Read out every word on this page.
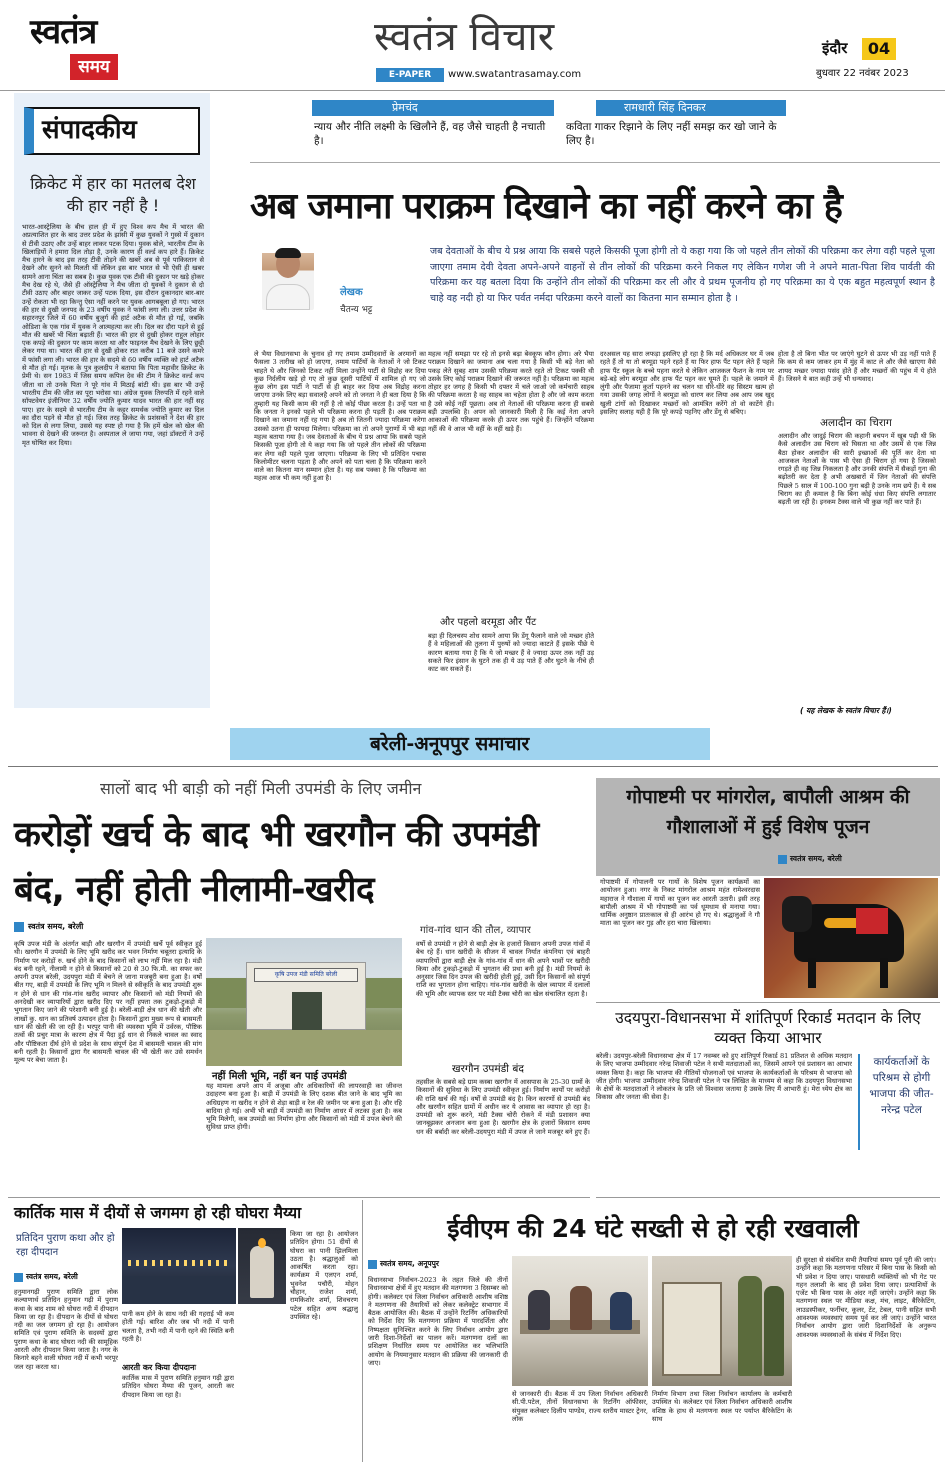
स्वतंत्र
समय
स्वतंत्र विचार
E-PAPER	www.swatantrasamay.com
इंदौर	04
बुधवार 22 नवंबर 2023
संपादकीय
क्रिकेट में हार का मतलब देश की हार नहीं है !
भारत-आस्ट्रेलिया के बीच हाल ही में हुए विश्व कप मैच में भारत की अप्रत्याशित हार के बाद उत्तर प्रदेश के झांसी में कुछ युवकों ने गुस्से में दुकान से टीवी उठाए और उन्हें बाहर लाकर पटक दिया। युवक बोले, भारतीय टीम के खिलाड़ियों ने हमारा दिल तोड़ा है, उनके कारण ही वर्ल्ड कप हारे हैं। क्रिकेट मैच हारने के बाद इस तरह टीवी तोड़ने की खबरें अब से पूर्व पाकिस्तान से देखने और सुनने को मिलती थीं लेकिन इस बार भारत से भी ऐसी ही खबर सामने आना चिंता का सबब है। कुछ युवक एक टीवी की दुकान पर खड़े होकर मैच देख रहे थे, जैसे ही ऑस्ट्रेलिया ने मैच जीता दो युवकों ने दुकान से दो टीवी उठाए और बाहर जाकर उन्हें पटक दिया, इस दौरान दुकानदार बार-बार उन्हें रोकता भी रहा किन्तु ऐसा नहीं करने पर युवक आगबबूला हो गए। भारत की हार से दुखी जनपद के 23 वर्षीय युवक ने फांसी लगा ली। उत्तर प्रदेश के सहारनपुर जिले में 60 वर्षीय बुजुर्ग की हार्ट अटैक से मौत हो गई, जबकि ओडिशा के एक गांव में युवक ने आत्महत्या कर ली। दिल का दौरा पड़ने से हुई मौत की खबरें भी चिंता बढ़ाती हैं। भारत की हार से दुखी होकर राहुल लोहार एक कपड़े की दुकान पर काम करता था और फाइनल मैच देखने के लिए छुट्टी लेकर गया था। भारत की हार से दुखी होकर रात करीब 11 बजे उसने कमरे में फांसी लगा ली। भारत की हार के सदमे से 60 वर्षीय व्यक्ति को हार्ट अटैक से मौत हो गई। मृतक के पुत्र कुलदीप ने बताया कि पिता महावीर क्रिकेट के प्रेमी थे। सन 1983 में जिस समय कपिल देव की टीम ने क्रिकेट वर्ल्ड कप जीता था तो उनके पिता ने पूरे गांव में मिठाई बांटी थी। इस बार भी उन्हें भारतीय टीम की जीत का पूरा भरोसा था। अंग्रेज युवक तिरुपति में रहने वाले सॉफ्टवेयर इंजीनियर 32 वर्षीय ज्योति कुमार यादव भारत की हार नहीं सह पाए। हार के सदमे से भारतीय टीम के कट्टर समर्थक ज्योति कुमार का दिल का दौरा पड़ने से मौत हो गई। जिस तरह क्रिकेट के प्रशंसकों ने देश की हार को दिल से लगा लिया, उससे यह स्पष्ट हो गया है कि हमें खेल को खेल की भावना से देखने की जरूरत है। अस्पताल ले जाया गया, जहां डॉक्टरों ने उन्हें मृत घोषित कर दिया।
प्रेमचंद
न्याय और नीति लक्ष्मी के खिलौने हैं, वह जैसे चाहती है नचाती है।
रामधारी सिंह दिनकर
कविता गाकर रिझाने के लिए नहीं समझ कर खो जाने के लिए है।
अब जमाना पराक्रम दिखाने का नहीं करने का है
लेखक
चैतन्य भट्ट
जब देवताओं के बीच ये प्रश्न आया कि सबसे पहले किसकी पूजा होगी तो ये कहा गया कि जो पहले तीन लोकों की परिक्रमा कर लेगा वही पहले पूजा जाएगा तमाम देवी देवता अपने-अपने वाहनों से तीन लोकों की परिक्रमा करने निकल गए लेकिन गणेश जी ने अपने माता-पिता शिव पार्वती की परिक्रमा कर यह बतला दिया कि उन्होंने तीन लोकों की परिक्रमा कर ली और वे प्रथम पूजनीय हो गए परिक्रमा का ये एक बहुत महत्वपूर्ण स्थान है चाहे वह नदी हो या फिर पर्वत नर्मदा परिक्रमा करने वालों का कितना मान सम्मान होता है ।
ले भैया विधानसभा के चुनाव हो गए तमाम उम्मीदवारों के अरमानों का फैसला 3 तारीख को हो जाएगा, तमाम पार्टियों के नेताओं ने जो टिकट चाहते थे और जिनको टिकट नहीं मिला उन्होंने पार्टी से विद्रोह कर दिया कुछ निर्दलीय खड़े हो गए तो कुछ दूसरी पार्टियों में शामिल हो गए जो कुछ लोग इस पार्टी ने पार्टी से ही बाहर कर दिया अब विद्रोह करना जाएगा उनके लिए बड़ा सवालहै अपने को तो जनता ने ही बता दिया है कि तुम्हारी यह किसी काम की नहीं है तो कोई पीछा करता है। उन्हें पता था कि जनता ने इनको पहले भी परिक्रमा करना ही पड़ती है। अब पराक्रम दिखाने का जमाना नहीं रह गया है अब तो जितनी ज्यादा परिक्रमा करेगा उसको उतना ही फायदा मिलेगा। परिक्रमा का तो अपने पुराणों में भी बड़ा महत्व बताया गया है। जब देवताओं के बीच ये प्रश्न आया कि सबसे पहले किसकी पूजा होगी तो ये कहा गया कि जो पहले तीन लोकों की परिक्रमा कर लेगा वही पहले पूजा जाएगा। परिक्रमा के लिए भी प्रतिदिन पचास किलोमीटर चलना पड़ता है और अपने को पता चला है कि परिक्रमा करने वाले का कितना मान सम्मान होता है। यह सब पक्का है कि परिक्रमा का महत्व आज भी कम नहीं हुआ है।
महत्व नहीं समझा पर रहे तो इनसे बढ़ा बेवकूफ कौन होगा। अरे भैया पराक्रम दिखाने का जमाना अब चला गया है किसी भी बड़े नेता को पकड़ लेते सुबह शाम उसकी परिक्रमा करते रहते तो टिकट पक्की थी उसके लिए कोई पराक्रम दिखाने की जरूरत नहीं है। परिक्रमा का महत्व तोहार हर जगह है किसी भी दफ्तर में चले जाओ जो कर्मचारी साहब की परिक्रमा करता है वह साहब का चहेता होता है और जो काम करता है उसे कोई नहीं पूछता। अब तो नेताओं की परिक्रमा करना ही सबसे बड़ी उपलब्धि है। अपन को जानकारी मिली है कि कई नेता अपने आकाओं की परिक्रमा करके ही ऊपर तक पहुंचे हैं। जिन्होंने परिक्रमा नहीं की वे आज भी वहीं के वहीं खड़े हैं।
और पहलो बरमूडा और पैंट
बड़ा ही दिलचस्प शोध सामने आया कि डेंगू फैलाने वाले जो मच्छर होते हैं वे महिलाओं की तुलना में पुरुषों को ज्यादा काटते हैं इसके पीछे ये कारण बताया गया है कि ये जो मच्छर हैं वे ज्यादा ऊपर तक नहीं उड़ सकते फिर इंसान के घुटने तक ही ये उड़ पाते हैं और घुटने के नीचे ही काट कर सकते हैं।
दरअसल यह सारा लफड़ा इसलिए हो रहा है कि मर्द अधिकतर घर में जब रहते हैं तो या तो बरमूडा पहने रहते हैं या फिर हाफ पैंट पहन लेते हैं पहले हाफ पैंट स्कूल के बच्चे पहना करते थे लेकिन आजकल फैशन के नाम पर बड़े-बड़े लोग बरमूडा और हाफ पैंट पहन कर घूमते हैं। पहले के जमाने में लुंगी और पैजामा कुर्ता पहनने का चलन था धीरे-धीरे वह सिस्टम खत्म हो गया उसकी जगह लोगों ने बरमूडा को धारण कर लिया अब आप जब खुद खुली टांगों को दिखाकर मच्छरों को आमंत्रित करेंगे तो वो काटेंगे ही। इसलिए सलाह यही है कि पूरे कपड़े पहनिए और डेंगू से बचिए।
होता है तो बिना भीत पर जाएंगे घुटने से ऊपर भी उड़ नहीं पाते हैं कि कम से कम जाकर हम में मुंह में काट ले और जैसे खाएगा वैसे शायद मच्छर ज्यादा पसंद होते हैं और मच्छरों की पहुंच में ये होते हैं। जिसने ये बात कही उन्हें भी धन्यवाद।
अलादीन का चिराग
अलादीन और जादुई चिराग की कहानी बचपन में खूब पढ़ी थी कि कैसे अलादीन उस चिराग को घिसता था और उसमें से एक जिन्न बैठा होकर अलादीन की सारी इच्छाओं की पूर्ति कर देता था आजकल नेताओं के पास भी ऐसा ही चिराग हो गया है जिसको रगड़ते ही वह जिन्न निकलता है और उनकी संपत्ति में सैकड़ों गुना की बढ़ोतरी कर देता है अभी अखबारों में जिन नेताओं की संपत्ति पिछले 5 साल में 100-100 गुना बढ़ी है उनके नाम छपे हैं। ये सब चिराग का ही कमाल है कि बिना कोई धंधा किए संपत्ति लगातार बढ़ती जा रही है। इनकम टैक्स वाले भी कुछ नहीं कर पाते हैं।
( यह लेखक के स्वतंत्र विचार हैं।)
बरेली-अनूपपुर समाचार
सालों बाद भी बाड़ी को नहीं मिली उपमंडी के लिए जमीन
करोड़ों खर्च के बाद भी खरगौन की उपमंडी बंद, नहीं होती नीलामी-खरीद
स्वतंत्र समय, बरेली	गांव-गांव धान की तौल, व्यापार
कृषि उपज मंडी के अंतर्गत बाड़ी और खरगौन में उपमंडी खर्चे पूर्व स्वीकृत हुई थी। खरगौन में उपमंडी के लिए भूमि खरीद कर भवन निर्माण चबूतरा इत्यादि के निर्माण पर करोड़ों रु. खर्च होने के बाद किसानों को लाभ नहीं मिल रहा है। मंडी बंद बनी रहने, नीलामी न होने से किसानों को 20 से 30 फि.मी. का सफर कर अपनी उपज बरेली, उदयपुरा मंडी में बेचने ले जाना मजबूरी बना हुआ है। वर्षों बीत गए, बाड़ी में उपमंडी के लिए भूमि न मिलने से स्वीकृति के बाद उपमंडी शुरू न होने से धान की गांव-गांव खरीद व्यापार और किसानों को मंडी नियमों की अनदेखी कर व्यापारियों द्वारा खरीद दिए पर नहीं हफ्ता तक टुकड़ो-टुकड़ो में भुगतान किए जाने की परेशानी बनी हुई है। बरेली-बाड़ी क्षेत्र धान की खेती और लाखों कु. धान का प्रतिवर्ष उत्पादन होता है। किसानों द्वारा मुख्य रूप से बासमती धान की खेती की जा रही है। भरपूर पानी की व्यवस्था भूमि में उर्वरक, पौष्टिक तत्वों की प्रचुर मात्रा के कारण क्षेत्र में पैदा हुई धान से निकले चावल का स्वाद और पौष्टिकता दीर्घ होने से प्रदेश के साथ संपूर्ण देश में बासमती चावल की मांग बनी रहती है। किसानों द्वारा गैर बासमती चावल की भी खेती कर उसे समर्थन मूल्य पर बेचा जाता है।
कृषि उपज मंडी समिति बरेली
नहीं मिली भूमि, नहीं बन पाई उपमंडी
यह मामला अपने आप में अजूबा और अधिकारियों की लापरवाही का जीवन्त उदाहरण बना हुआ है। बाड़ी में उपमंडी के लिए दशक बीत जाने के बाद भूमि का अधिग्रहण ना खरीद न होने से शेड़ा बाड़ी व रेल की जमीन पर बना हुआ है। और रहि बादिया हो गई। अभी भी बाड़ी में उपमंडी का निर्माण आधर में लटका हुआ है। कब भूमि मिलेगी, कब उपमंडी का निर्माण होगा और किसानों को मंडी में उपज बेचने की सुविधा प्राप्त होगी।
वर्षो से उपमंडी न होने से बाड़ी क्षेत्र के हजारों किसान अपनी उपज गांवों में बेच रहे हैं। धान खरीदी के सीजन में चावल निर्यात कंपनिया एवं बाहरी व्यापारियों द्वारा बाड़ी क्षेत्र के गांव-गांव में धान की अपने भावों पर खरीदी किया और टुकड़ो-टुकड़ो में भुगतान की प्रथा बनी हुई है। मंडी नियमों के अनुसार जिस दिन उपज की खरीदी होती हुई, उसी दिन किसानों को संपूर्ण राशि का भुगतान होना चाहिए। गांव-गांव खरीदी के खेल व्यापार में दलालों की भूमि और व्यापक स्तर पर मंडी टैक्स चोरी का खेल संचालित रहता है।
खरगौन उपमंडी बंद
तहसील के सबसे बड़े ग्राम कस्बा खरगौन में आसपास के 25-30 ग्रामों के किसानों की सुविधा के लिए उपमंडी स्वीकृत हुई। निर्माण कार्यों पर करोड़ों की राशि खर्च की गई। वर्षों से उपमंडी बंद है। किन कारणों से उपमंडी बंद और खरगौन सहित ग्रामों में अधीन कर ये आवास का व्यापार हो रहा है। उपमंडी को शुरू करने, मंडी टैक्स चोरी रोकने में मंडी प्रशासन क्या जानबूझकर अनजान बना हुआ है। खरगौन क्षेत्र के हजारों किसान समय धन की बर्बादी कर बरेली-उदयपुरा मंडी में उपज ले जाने मजबूर बने हुए हैं।
गोपाष्टमी पर मांगरोल, बापौली आश्रम की गौशालाओं में हुई विशेष पूजन
स्वतंत्र समय, बरेली
गोपाष्टमी में गोपालनी पर गायों के विशेष पूजन कार्यक्रमों का आयोजन हुआ। नगर के निकट मांगरोल आश्रम महंत रामेश्वरदास महाराज ने गौशाला में गायों का पूजन कर आरती उतारी। इसी तरह बापौली आश्रम में भी गोपाष्टमी का पर्व धूमधाम से मनाया गया। धार्मिक अनुष्ठान प्रातःकाल से ही आरंभ हो गए थे। श्रद्धालुओं ने गौ माता का पूजन कर गुड़ और हरा चारा खिलाया।
उदयपुरा-विधानसभा में शांतिपूर्ण रिकार्ड मतदान के लिए व्यक्त किया आभार
बरेली। उदयपुर-बरेली विधानसभा क्षेत्र में 17 नवम्बर को हुए शांतिपूर्ण रिकार्ड 81 प्रतिशत से अधिक मतदान के लिए भाजपा उम्मीदवार नरेन्द्र शिवाजी पटेल ने सभी मतदाताओं का, जिसमें आपने एवं प्रशासन का आभार व्यक्त किया है। कहा कि भाजपा की नीतियों योजनाओं एवं भाजपा के कार्यकर्ताओं के परिश्रम से भाजपा को जीत होगी। भाजपा उम्मीदवार नरेन्द्र शिवाजी पटेल ने पत्र लिखित के माध्यम से कहा कि उदयपुरा विधानसभा के क्षेत्रों के मतदाताओं ने लोकतंत्र के प्रति जो विश्वास जताया है उसके लिए मैं आभारी हूं। मेरा ध्येय क्षेत्र का विकास और जनता की सेवा है।
कार्यकर्ताओं के परिश्रम से होगी भाजपा की जीत-नरेन्द्र पटेल
कार्तिक मास में दीयों से जगमग हो रही घोघरा मैय्या
प्रतिदिन पुराण कथा और हो रहा दीपदान
स्वतंत्र समय, बरेली
हनुमानगढ़ी पुराण समिति द्वारा लोक कल्याणार्थ प्रतिदिन हनुमान गढ़ी में पुराण कथा के बाद शाम को घोघरा नदी में दीपदान किया जा रहा है। दीपदान के दीयों से घोघरा नदी का जल जगमग हो रहा है। आयोजन समिति एवं पुराण समिति के सदस्यों द्वारा पुराण कथा के बाद घोघरा नदी की सामूहिक आरती और दीपदान किया जाता है। नगर के किनारे बहने वाली घोघरा नदी में कभी भरपूर जल रहा करता था।
पानी कम होने के साथ नदी की गहराई भी कम होती गई। बारिश और जब भी नदी में पानी चलता है, तभी नदी में पानी रहने की स्थिति बनी रहती है।
आरती कर किया दीपदानः
कार्तिक मास में पुराण समिति हनुमान गढ़ी द्वारा प्रतिदिन घोघरा मैय्या की पूजन, आरती कर दीपदान किया जा रहा है।
किया जा रहा है। आयोजन प्रतिदिन होगा। 51 दीयों से घोघरा का पानी झिलमिला उठता है। श्रद्धालुओं को आकर्षित करता रहा। कार्यक्रम में एलएन शर्मा, भुवनेश पचौरी, मोहन चौहान, राजेश शर्मा, रामकिशोर शर्मा, शिवचरण पटेल सहित अन्य श्रद्धालु उपस्थित रहे।
ईवीएम की 24 घंटे सख्ती से हो रही रखवाली
स्वतंत्र समय, अनूपपुर
विधानसभा निर्वाचन-2023 के तहत जिले की तीनों विधानसभा क्षेत्रों में हुए मतदान की मतगणना 3 दिसम्बर को होगी। कलेक्टर एवं जिला निर्वाचन अधिकारी आशीष वशिष्ठ ने मतगणना की तैयारियों को लेकर कलेक्ट्रेट सभागार में बैठक आयोजित की। बैठक में उन्होंने रिटर्निंग अधिकारियों को निर्देश दिए कि मतगणना प्रक्रिया में पारदर्शिता और निष्पक्षता सुनिश्चित करने के लिए निर्वाचन आयोग द्वारा जारी दिशा-निर्देशों का पालन करें। मतगणना दलों का प्रशिक्षण निर्धारित समय पर आयोजित कर भलिभांति आयोग के नियमानुसार मतदान की प्रक्रिया की जानकारी दी जाए।
से जानकारी दी। बैठक में उप जिला निर्वाचन अधिकारी सी.पी.पटेल, तीनों विधानसभा के रिटर्निंग ऑफीसर, संयुक्त कलेक्टर दिलीप पाण्डेय, राज्य स्तरीय मास्टर ट्रेनर, लोक
निर्माण विभाग तथा जिला निर्वाचन कार्यालय के कर्मचारी उपस्थित थे। कलेक्टर एवं जिला निर्वाचन अधिकारी आशीष वशिष्ठ के हाथ से मतगणना स्थल पर पर्याप्त बैरिकेटिंग के साथ
ही सुरक्षा से संबंधित सभी तैयारियां समय पूर्व पूरी की जाएं। उन्होंने कहा कि मतगणना परिसर में बिना पास के किसी को भी प्रवेश न दिया जाए। पासधारी व्यक्तियों को भी गेट पर गहन तलाशी के बाद ही प्रवेश दिया जाए। प्रत्याशियों के एजेंट भी बिना पास के अंदर नहीं जाएंगे। उन्होंने कहा कि मतगणना स्थल पर मीडिया कक्ष, मंच, लाइट, बैरिकेटिंग, लाउडस्पीकर, फर्नीचर, कूलर, टेंट, टेबल, पानी सहित सभी आवश्यक व्यवस्थाएं समय पूर्व कर ली जाएं। उन्होंने भारत निर्वाचन आयोग द्वारा जारी दिशानिर्देशों के अनुरूप आवश्यक व्यवस्थाओं के संबंध में निर्देश दिए।
